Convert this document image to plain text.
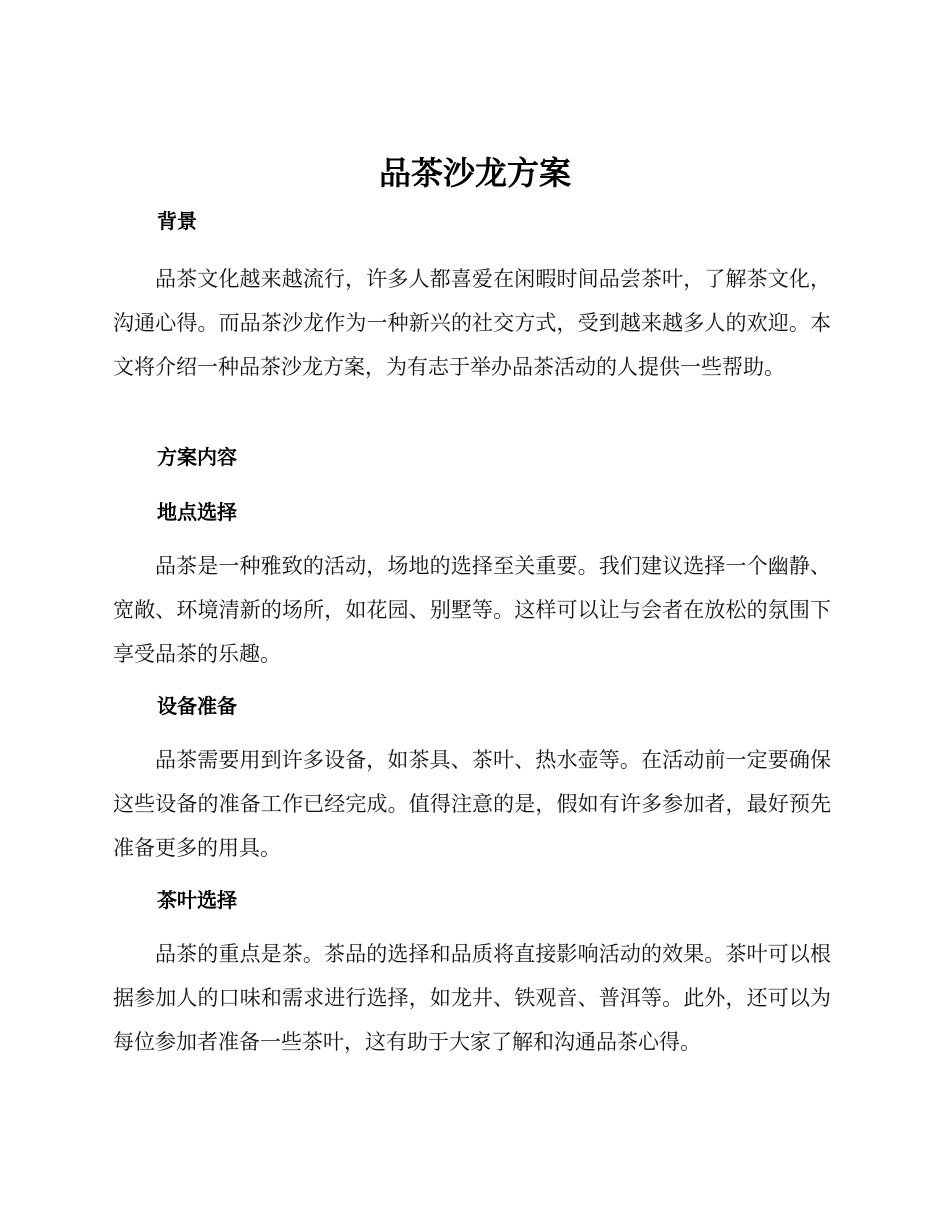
品茶沙龙方案
背景

品茶文化越来越流行，许多人都喜爱在闲暇时间品尝茶叶，了解茶文化，沟通心得。而品茶沙龙作为一种新兴的社交方式，受到越来越多人的欢迎。本文将介绍一种品茶沙龙方案，为有志于举办品茶活动的人提供一些帮助。

方案内容
地点选择

品茶是一种雅致的活动，场地的选择至关重要。我们建议选择一个幽静、宽敞、环境清新的场所，如花园、别墅等。这样可以让与会者在放松的氛围下享受品茶的乐趣。

设备准备

品茶需要用到许多设备，如茶具、茶叶、热水壶等。在活动前一定要确保这些设备的准备工作已经完成。值得注意的是，假如有许多参加者，最好预先准备更多的用具。

茶叶选择

品茶的重点是茶。茶品的选择和品质将直接影响活动的效果。茶叶可以根据参加人的口味和需求进行选择，如龙井、铁观音、普洱等。此外，还可以为每位参加者准备一些茶叶，这有助于大家了解和沟通品茶心得。
